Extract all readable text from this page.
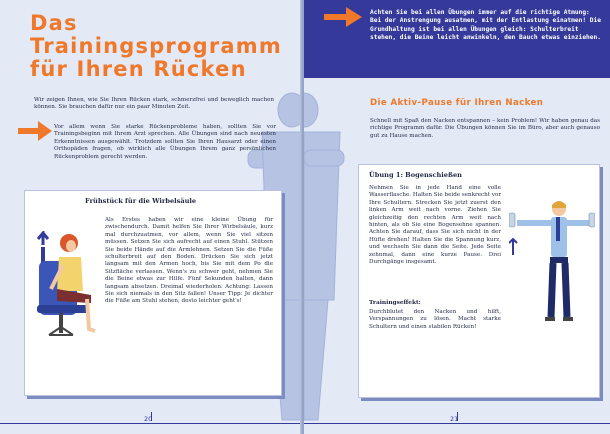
Das
Trainingsprogramm
für Ihren Rücken

Wir zeigen Ihnen, wie Sie Ihren Rücken stark, schmerzfrei und beweglich machen können. Sie brauchen dafür nur ein paar Minuten Zeit.

Vor allem wenn Sie starke Rückenprobleme haben, sollten Sie vor Trainingsbeginn mit Ihrem Arzt sprechen. Alle Übungen sind nach neuesten Erkenntnissen ausgewählt. Trotzdem sollten Sie Ihren Hausarzt oder einen Orthopäden fragen, ob wirklich alle Übungen Ihrem ganz persönlichen Rückenproblem gerecht werden.

Frühstück für die Wirbelsäule

Als Erstes haben wir eine kleine Übung für zwischendurch. Damit helfen Sie Ihrer Wirbelsäule, kurz mal durchzuatmen, vor allem, wenn Sie viel sitzen müssen. Setzen Sie sich aufrecht auf einen Stuhl. Stützen Sie beide Hände auf die Armlehnen. Setzen Sie die Füße schulterbreit auf den Boden. Drücken Sie sich jetzt langsam mit den Armen hoch, bis Sie mit dem Po die Sitzfläche verlassen. Wenn's zu schwer geht, nehmen Sie die Beine etwas zur Hilfe. Fünf Sekunden halten, dann langsam absetzen. Dreimal wiederholen. Achtung: Lassen Sie sich niemals in den Sitz fallen! Unser Tipp: Je dichter die Füße am Stuhl stehen, desto leichter geht's!

20

Achten Sie bei allen Übungen immer auf die richtige Atmung: Bei der Anstrengung ausatmen, mit der Entlastung einatmen! Die Grundhaltung ist bei allen Übungen gleich: Schulterbreit stehen, die Beine leicht anwinkeln, den Bauch etwas einziehen.

Die Aktiv-Pause für Ihren Nacken

Schnell mit Spaß den Nacken entspannen – kein Problem! Wir haben genau das richtige Programm dafür. Die Übungen können Sie im Büro, aber auch genauso gut zu Hause machen.

Übung 1: Bogenschießen

Nehmen Sie in jede Hand eine volle Wasserflasche. Halten Sie beide senkrecht vor Ihre Schultern. Strecken Sie jetzt zuerst den linken Arm weit nach vorne. Ziehen Sie gleichzeitig den rechten Arm weit nach hinten, als ob Sie eine Bogensehne spannen. Achten Sie darauf, dass Sie sich nicht in der Hüfte drehen! Halten Sie die Spannung kurz, und wechseln Sie dann die Seite. Jede Seite zehnmal, dann eine kurze Pause. Drei Durchgänge insgesamt.

Trainingseffekt:

Durchblutet den Nacken und hilft, Verspannungen zu lösen. Macht starke Schultern und einen stabilen Rücken!

21
